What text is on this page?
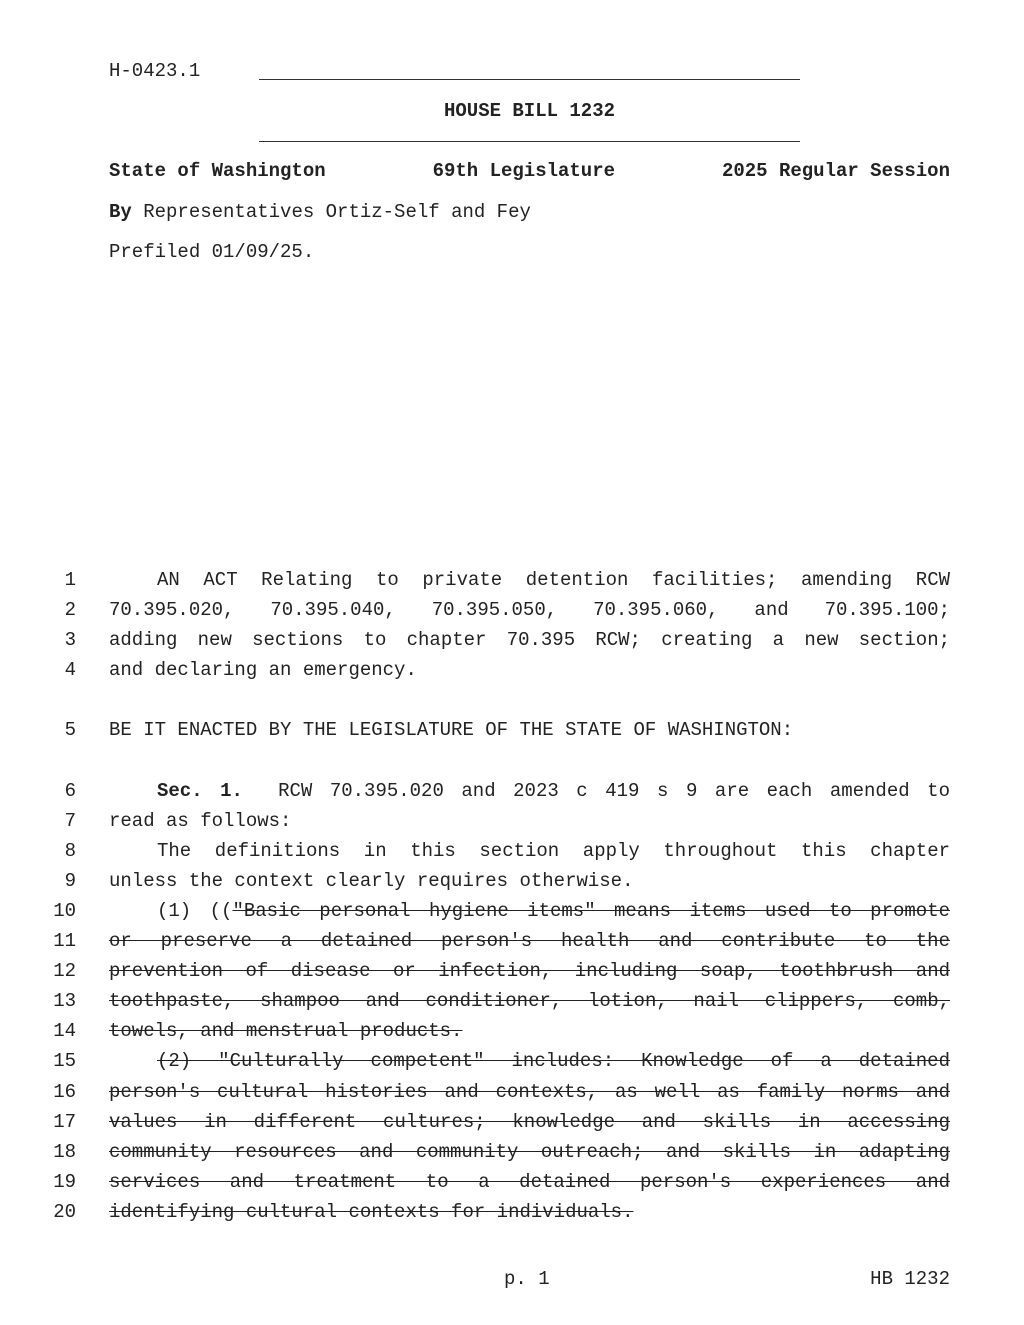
H-0423.1
HOUSE BILL 1232
State of Washington	69th Legislature	2025 Regular Session
By Representatives Ortiz-Self and Fey
Prefiled 01/09/25.
1
2
3
4
5
6
7
8
9
10
11
12
13
14
15
16
17
18
19
20
AN ACT Relating to private detention facilities; amending RCW
70.395.020, 70.395.040, 70.395.050, 70.395.060, and 70.395.100;
adding new sections to chapter 70.395 RCW; creating a new section;
and declaring an emergency.
BE IT ENACTED BY THE LEGISLATURE OF THE STATE OF WASHINGTON:
Sec. 1. RCW 70.395.020 and 2023 c 419 s 9 are each amended to
read as follows:
The definitions in this section apply throughout this chapter
unless the context clearly requires otherwise.
(1) (("Basic personal hygiene items" means items used to promote
or preserve a detained person's health and contribute to the
prevention of disease or infection, including soap, toothbrush and
toothpaste, shampoo and conditioner, lotion, nail clippers, comb,
towels, and menstrual products.
(2) "Culturally competent" includes: Knowledge of a detained
person's cultural histories and contexts, as well as family norms and
values in different cultures; knowledge and skills in accessing
community resources and community outreach; and skills in adapting
services and treatment to a detained person's experiences and
identifying cultural contexts for individuals.
p. 1	HB 1232
